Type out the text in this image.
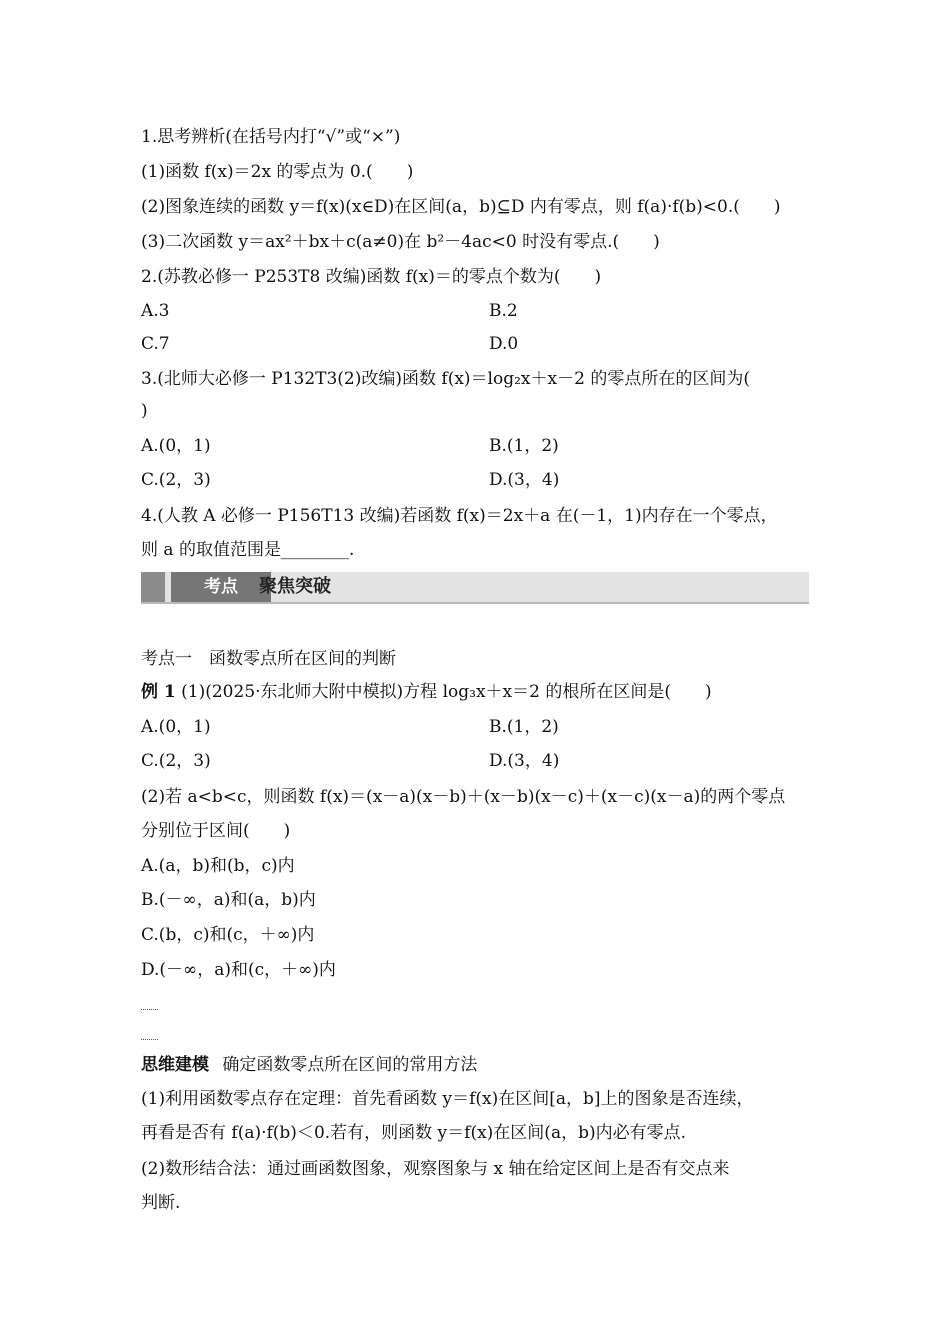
1.思考辨析(在括号内打“√”或“×”)
(1)函数 f(x)＝2x 的零点为 0.(　　)
(2)图象连续的函数 y＝f(x)(x∈D)在区间(a，b)⊆D 内有零点，则 f(a)·f(b)<0.(　　)
(3)二次函数 y＝ax²＋bx＋c(a≠0)在 b²－4ac<0 时没有零点.(　　)
2.(苏教必修一 P253T8 改编)函数 f(x)＝的零点个数为(　　)
A.3	B.2
C.7	D.0
3.(北师大必修一 P132T3(2)改编)函数 f(x)＝log₂x＋x－2 的零点所在的区间为(
)
A.(0，1)	B.(1，2)
C.(2，3)	D.(3，4)
4.(人教 A 必修一 P156T13 改编)若函数 f(x)＝2x＋a 在(－1，1)内存在一个零点，
则 a 的取值范围是________.
考点	聚焦突破
考点一　函数零点所在区间的判断
例 1 (1)(2025·东北师大附中模拟)方程 log₃x＋x＝2 的根所在区间是(　　)
A.(0，1)	B.(1，2)
C.(2，3)	D.(3，4)
(2)若 a<b<c，则函数 f(x)＝(x－a)(x－b)＋(x－b)(x－c)＋(x－c)(x－a)的两个零点
分别位于区间(　　)
A.(a，b)和(b，c)内
B.(－∞，a)和(a，b)内
C.(b，c)和(c，＋∞)内
D.(－∞，a)和(c，＋∞)内
思维建模 确定函数零点所在区间的常用方法
(1)利用函数零点存在定理：首先看函数 y＝f(x)在区间[a，b]上的图象是否连续，
再看是否有 f(a)·f(b)＜0.若有，则函数 y＝f(x)在区间(a，b)内必有零点.
(2)数形结合法：通过画函数图象，观察图象与 x 轴在给定区间上是否有交点来
判断.
